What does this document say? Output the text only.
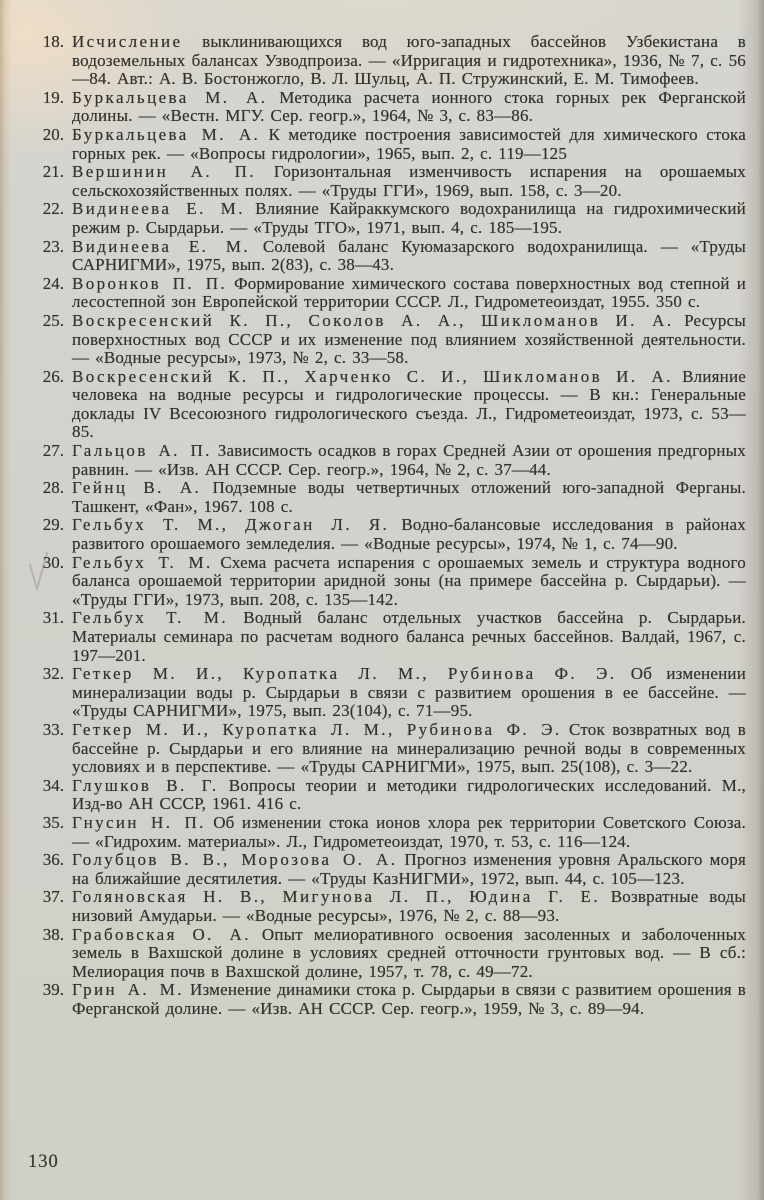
18. Исчисление выклинивающихся вод юго-западных бассейнов Узбекистана в водоземельных балансах Узводпроиза. — «Ирригация и гидротехника», 1936, № 7, с. 56—84. Авт.: А. В. Бостонжогло, В. Л. Шульц, А. П. Стружинский, Е. М. Тимофеев.
19. Буркальцева М. А. Методика расчета ионного стока горных рек Ферганской долины. — «Вестн. МГУ. Сер. геогр.», 1964, № 3, с. 83—86.
20. Буркальцева М. А. К методике построения зависимостей для химического стока горных рек. — «Вопросы гидрологии», 1965, вып. 2, с. 119—125
21. Вершинин А. П. Горизонтальная изменчивость испарения на орошаемых сельскохозяйственных полях. — «Труды ГГИ», 1969, вып. 158, с. 3—20.
22. Видинеева Е. М. Влияние Кайраккумского водохранилища на гидрохимический режим р. Сырдарьи. — «Труды ТГО», 1971, вып. 4, с. 185—195.
23. Видинеева Е. М. Солевой баланс Куюмазарского водохранилища. — «Труды САРНИГМИ», 1975, вып. 2(83), с. 38—43.
24. Воронков П. П. Формирование химического состава поверхностных вод степной и лесостепной зон Европейской территории СССР. Л., Гидрометеоиздат, 1955. 350 с.
25. Воскресенский К. П., Соколов А. А., Шикломанов И. А. Ресурсы поверхностных вод СССР и их изменение под влиянием хозяйственной деятельности. — «Водные ресурсы», 1973, № 2, с. 33—58.
26. Воскресенский К. П., Харченко С. И., Шикломанов И. А. Влияние человека на водные ресурсы и гидрологические процессы. — В кн.: Генеральные доклады IV Всесоюзного гидрологического съезда. Л., Гидрометеоиздат, 1973, с. 53—85.
27. Гальцов А. П. Зависимость осадков в горах Средней Азии от орошения предгорных равнин. — «Изв. АН СССР. Сер. геогр.», 1964, № 2, с. 37—44.
28. Гейнц В. А. Подземные воды четвертичных отложений юго-западной Ферганы. Ташкент, «Фан», 1967. 108 с.
29. Гельбух Т. М., Джоган Л. Я. Водно-балансовые исследования в районах развитого орошаемого земледелия. — «Водные ресурсы», 1974, № 1, с. 74—90.
30. Гельбух Т. М. Схема расчета испарения с орошаемых земель и структура водного баланса орошаемой территории аридной зоны (на примере бассейна р. Сырдарьи). — «Труды ГГИ», 1973, вып. 208, с. 135—142.
31. Гельбух Т. М. Водный баланс отдельных участков бассейна р. Сырдарьи. Материалы семинара по расчетам водного баланса речных бассейнов. Валдай, 1967, с. 197—201.
32. Геткер М. И., Куропатка Л. М., Рубинова Ф. Э. Об изменении минерализации воды р. Сырдарьи в связи с развитием орошения в ее бассейне. — «Труды САРНИГМИ», 1975, вып. 23(104), с. 71—95.
33. Геткер М. И., Куропатка Л. М., Рубинова Ф. Э. Сток возвратных вод в бассейне р. Сырдарьи и его влияние на минерализацию речной воды в современных условиях и в перспективе. — «Труды САРНИГМИ», 1975, вып. 25(108), с. 3—22.
34. Глушков В. Г. Вопросы теории и методики гидрологических исследований. М., Изд-во АН СССР, 1961. 416 с.
35. Гнусин Н. П. Об изменении стока ионов хлора рек территории Советского Союза. — «Гидрохим. материалы». Л., Гидрометеоиздат, 1970, т. 53, с. 116—124.
36. Голубцов В. В., Морозова О. А. Прогноз изменения уровня Аральского моря на ближайшие десятилетия. — «Труды КазНИГМИ», 1972, вып. 44, с. 105—123.
37. Голяновская Н. В., Мигунова Л. П., Юдина Г. Е. Возвратные воды низовий Амударьи. — «Водные ресурсы», 1976, № 2, с. 88—93.
38. Грабовская О. А. Опыт мелиоративного освоения засоленных и заболоченных земель в Вахшской долине в условиях средней отточности грунтовых вод. — В сб.: Мелиорация почв в Вахшской долине, 1957, т. 78, с. 49—72.
39. Грин А. М. Изменение динамики стока р. Сырдарьи в связи с развитием орошения в Ферганской долине. — «Изв. АН СССР. Сер. геогр.», 1959, № 3, с. 89—94.
130
